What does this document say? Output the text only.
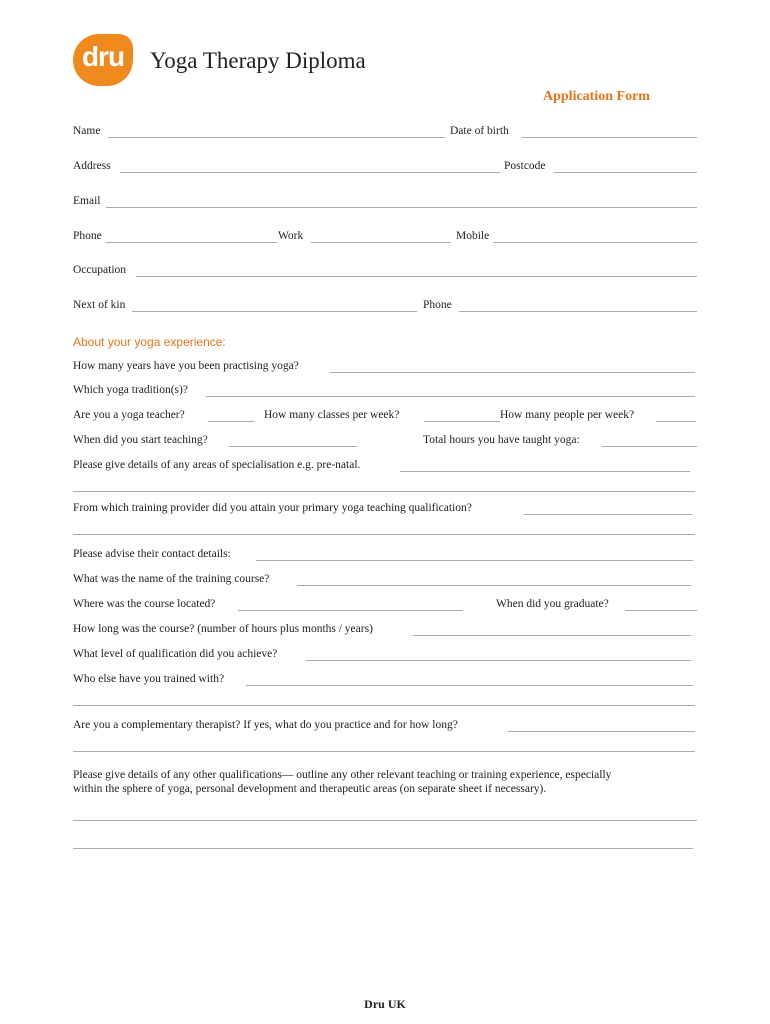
dru	Yoga Therapy Diploma
Application Form
Name	Date of birth
Address	Postcode
Email
Phone	Work	Mobile
Occupation
Next of kin	Phone
About your yoga experience:
How many years have you been practising yoga?
Which yoga tradition(s)?
Are you a yoga teacher?	How many classes per week?	How many people per week?
When did you start teaching?	Total hours you have taught yoga:
Please give details of any areas of specialisation e.g. pre-natal.
From which training provider did you attain your primary yoga teaching qualification?
Please advise their contact details:
What was the name of the training course?
Where was the course located?	When did you graduate?
How long was the course? (number of hours plus months / years)
What level of qualification did you achieve?
Who else have you trained with?
Are you a complementary therapist? If yes, what do you practice and for how long?
Please give details of any other qualifications— outline any other relevant teaching or training experience, especially
within the sphere of yoga, personal development and therapeutic areas (on separate sheet if necessary).
Dru UK
